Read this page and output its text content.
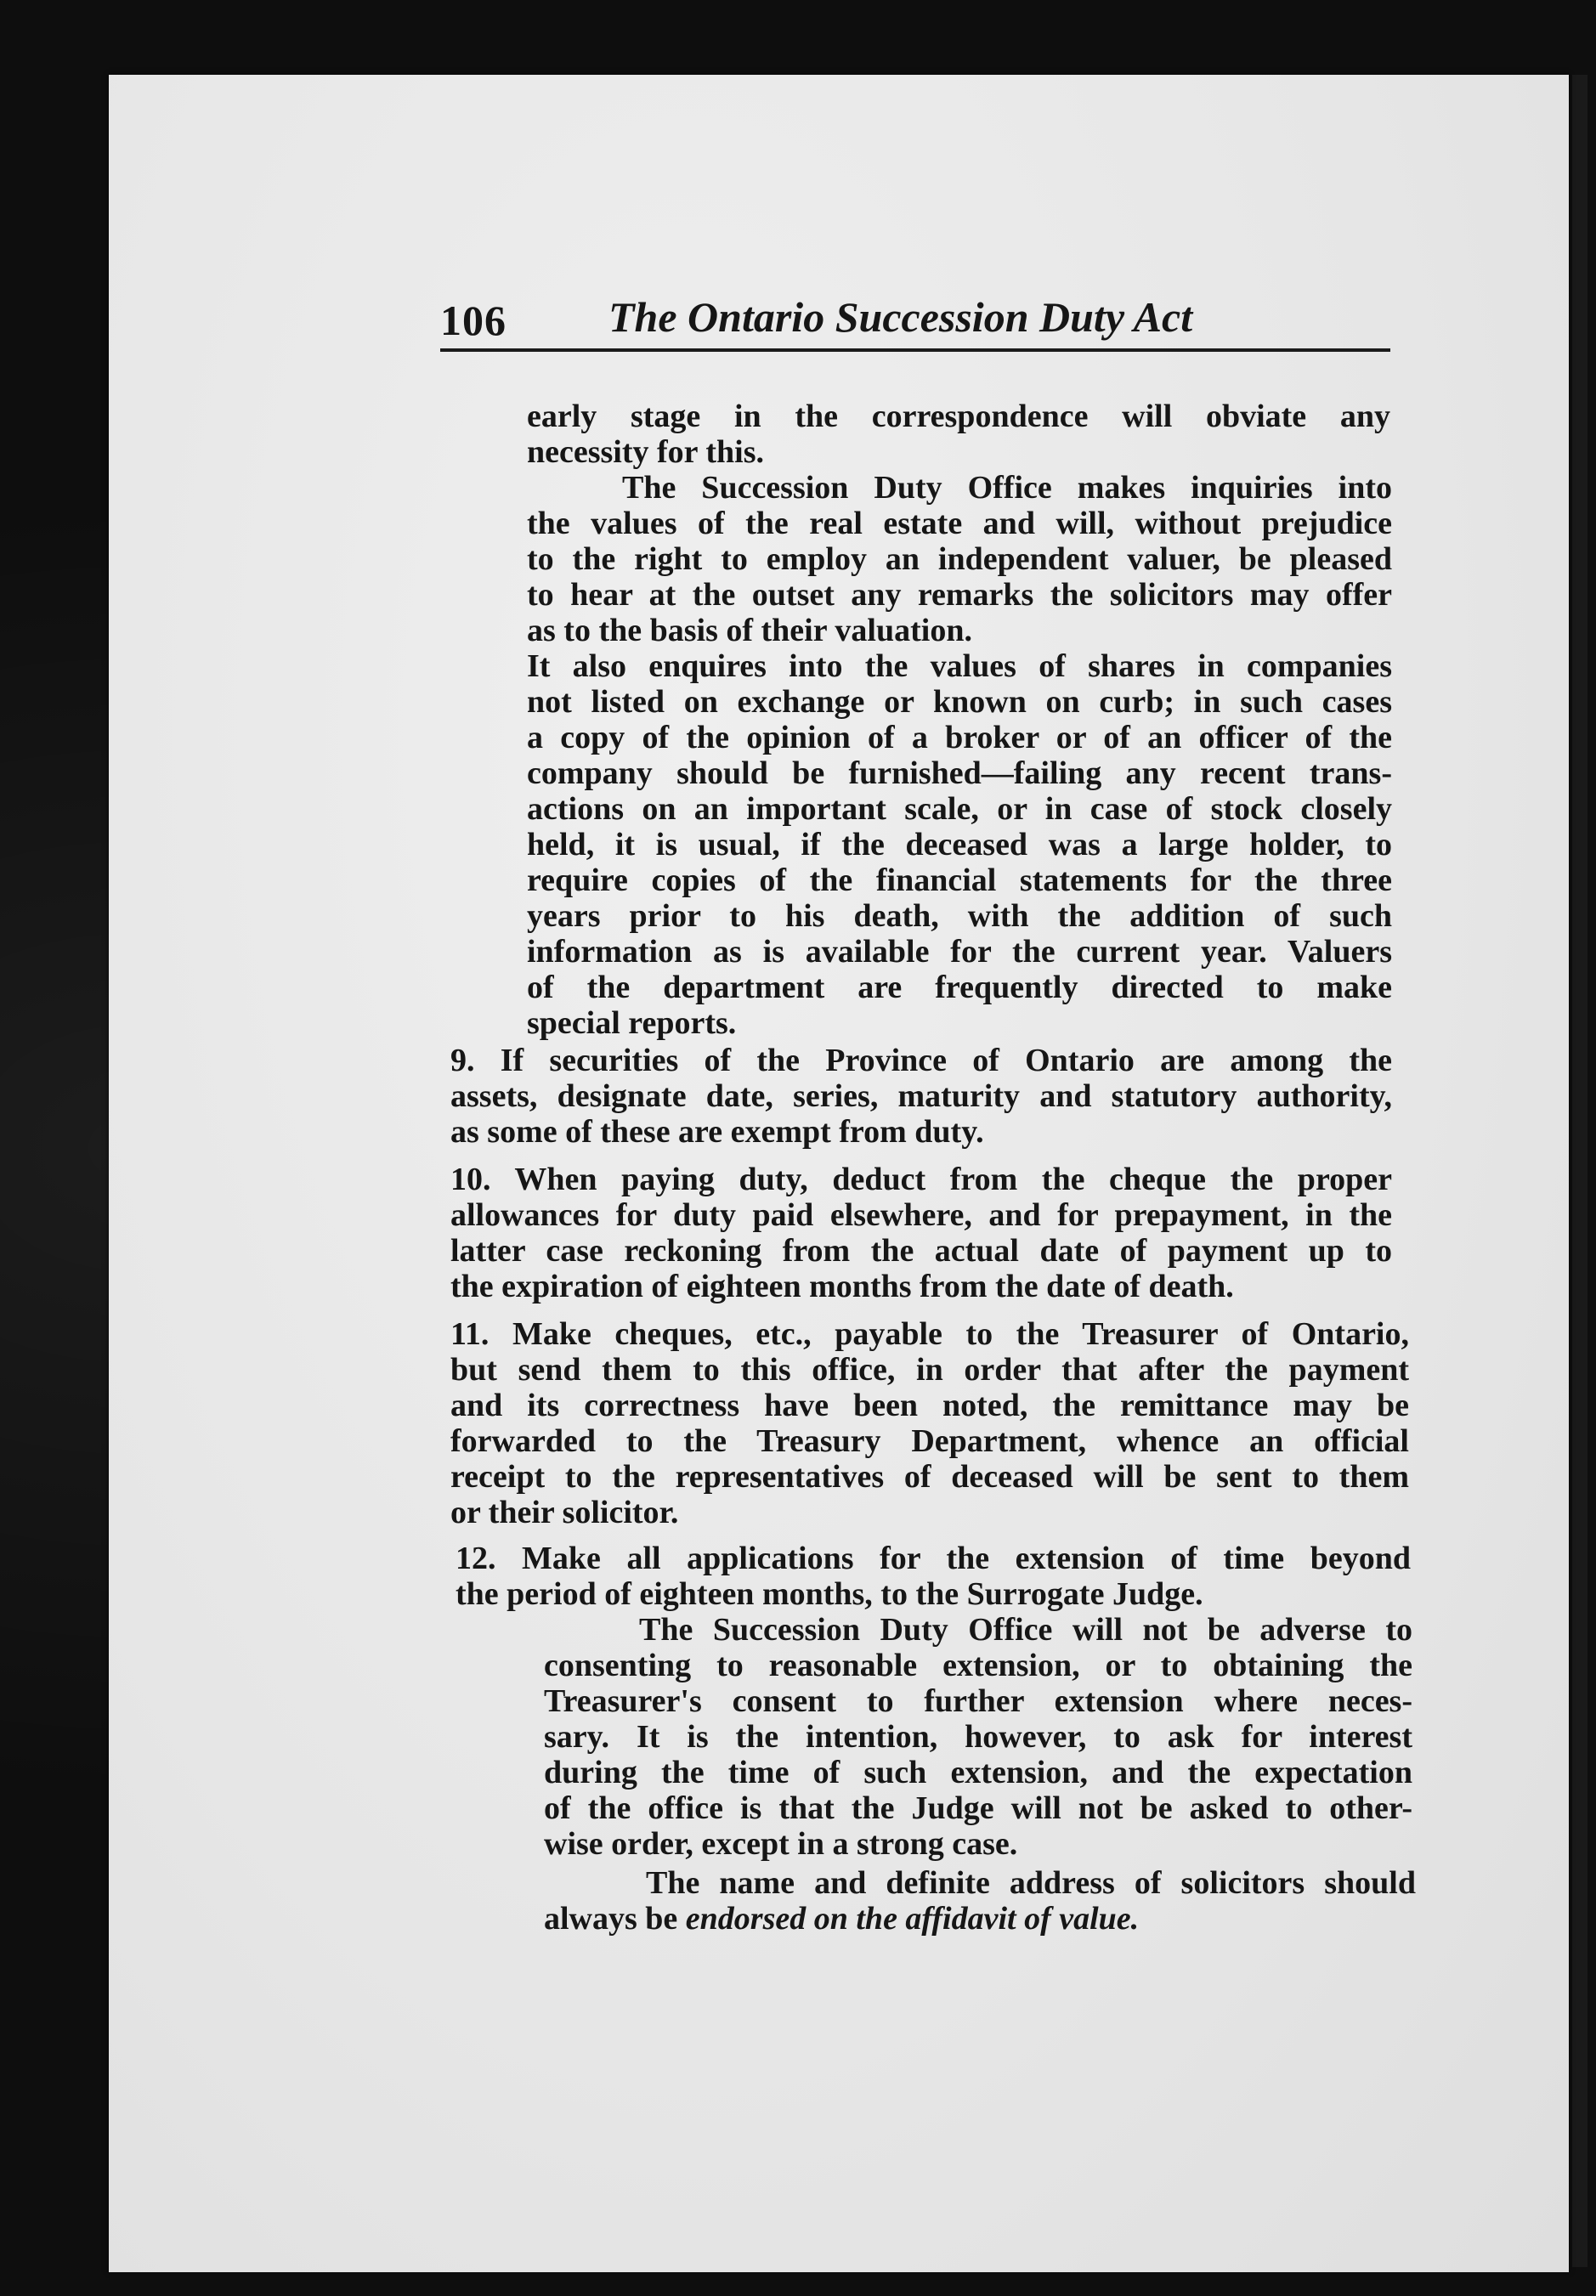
106 The Ontario Succession Duty Act
early stage in the correspondence will obviate any
necessity for this.
The Succession Duty Office makes inquiries into
the values of the real estate and will, without prejudice
to the right to employ an independent valuer, be pleased
to hear at the outset any remarks the solicitors may offer
as to the basis of their valuation.
It also enquires into the values of shares in companies
not listed on exchange or known on curb; in such cases
a copy of the opinion of a broker or of an officer of the
company should be furnished—failing any recent trans-
actions on an important scale, or in case of stock closely
held, it is usual, if the deceased was a large holder, to
require copies of the financial statements for the three
years prior to his death, with the addition of such
information as is available for the current year. Valuers
of the department are frequently directed to make
special reports.
9. If securities of the Province of Ontario are among the
assets, designate date, series, maturity and statutory authority,
as some of these are exempt from duty.
10. When paying duty, deduct from the cheque the proper
allowances for duty paid elsewhere, and for prepayment, in the
latter case reckoning from the actual date of payment up to
the expiration of eighteen months from the date of death.
11. Make cheques, etc., payable to the Treasurer of Ontario,
but send them to this office, in order that after the payment
and its correctness have been noted, the remittance may be
forwarded to the Treasury Department, whence an official
receipt to the representatives of deceased will be sent to them
or their solicitor.
12. Make all applications for the extension of time beyond
the period of eighteen months, to the Surrogate Judge.
The Succession Duty Office will not be adverse to
consenting to reasonable extension, or to obtaining the
Treasurer's consent to further extension where neces-
sary. It is the intention, however, to ask for interest
during the time of such extension, and the expectation
of the office is that the Judge will not be asked to other-
wise order, except in a strong case.
The name and definite address of solicitors should
always be endorsed on the affidavit of value.
